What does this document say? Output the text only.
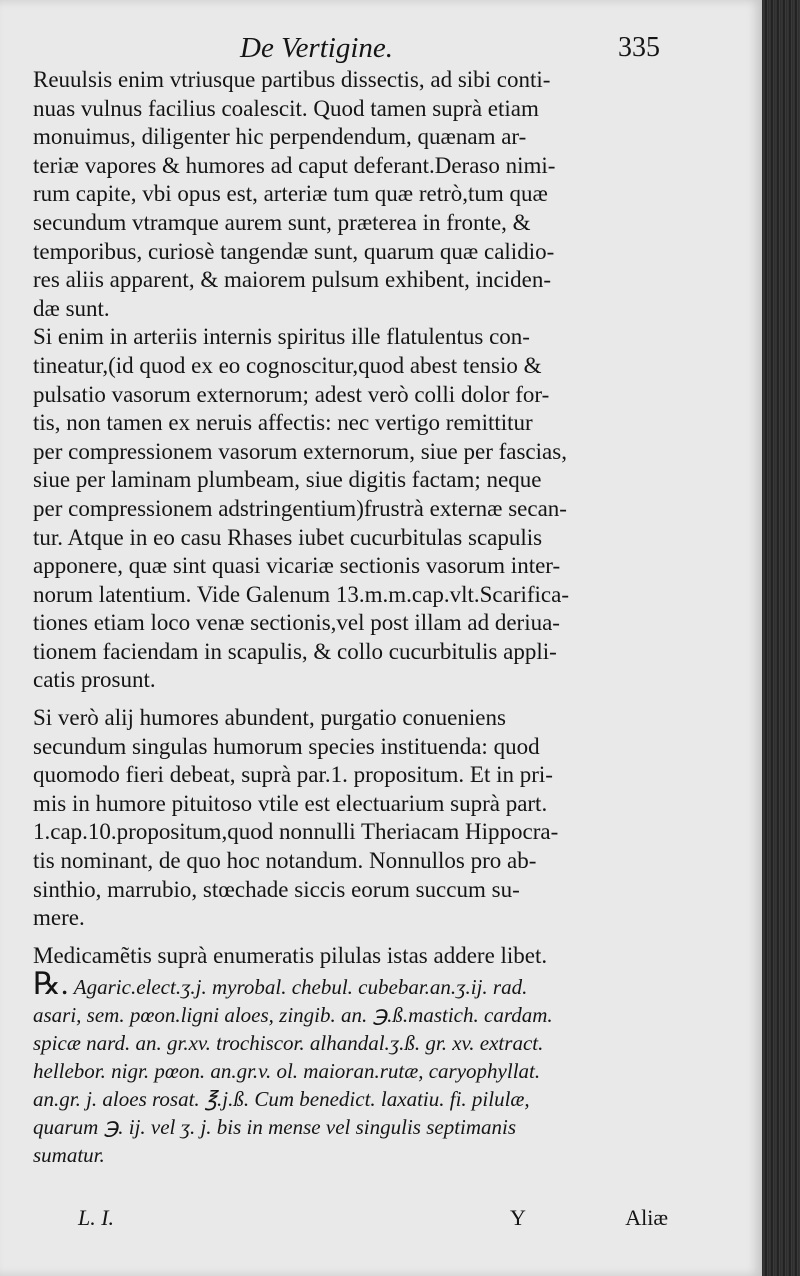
De Vertigine.	335

Reuulsis enim vtriusque partibus dissectis, ad sibi conti-

nuas vulnus facilius coalescit. Quod tamen suprà etiam

monuimus, diligenter hic perpendendum, quænam ar-

teriæ vapores & humores ad caput deferant.Deraso nimi-

rum capite, vbi opus est, arteriæ tum quæ retrò,tum quæ

secundum vtramque aurem sunt, præterea in fronte, &

temporibus, curiosè tangendæ sunt, quarum quæ calidio-

res aliis apparent, & maiorem pulsum exhibent, inciden-

dæ sunt.

Si enim in arteriis internis spiritus ille flatulentus con-

tineatur,(id quod ex eo cognoscitur,quod abest tensio &

pulsatio vasorum externorum; adest verò colli dolor for-

tis, non tamen ex neruis affectis: nec vertigo remittitur

per compressionem vasorum externorum, siue per fascias,

siue per laminam plumbeam, siue digitis factam; neque

per compressionem adstringentium)frustrà externæ secan-

tur. Atque in eo casu Rhases iubet cucurbitulas scapulis

apponere, quæ sint quasi vicariæ sectionis vasorum inter-

norum latentium. Vide Galenum 13.m.m.cap.vlt.Scarifica-

tiones etiam loco venæ sectionis,vel post illam ad deriua-

tionem faciendam in scapulis, & collo cucurbitulis appli-

catis prosunt.

Si verò alij humores abundent, purgatio conueniens

secundum singulas humorum species instituenda: quod

quomodo fieri debeat, suprà par.1. propositum. Et in pri-

mis in humore pituitoso vtile est electuarium suprà part.

1.cap.10.propositum,quod nonnulli Theriacam Hippocra-

tis nominant, de quo hoc notandum. Nonnullos pro ab-

sinthio, marrubio, stœchade siccis eorum succum su-

mere.

Medicamẽtis suprà enumeratis pilulas istas addere libet.

℞. Agaric.elect.ʒ.j. myrobal. chebul. cubebar.an.ʒ.ij. rad.

asari, sem. pœon.ligni aloes, zingib. an. ℈.ß.mastich. cardam.

spicæ nard. an. gr.xv. trochiscor. alhandal.ʒ.ß. gr. xv. extract.

hellebor. nigr. pœon. an.gr.v. ol. maioran.rutæ, caryophyllat.

an.gr. j. aloes rosat. ℥.j.ß. Cum benedict. laxatiu. fi. pilulæ,

quarum ℈. ij. vel ʒ. j. bis in mense vel singulis septimanis

sumatur.

L. I.	Y	Aliæ
